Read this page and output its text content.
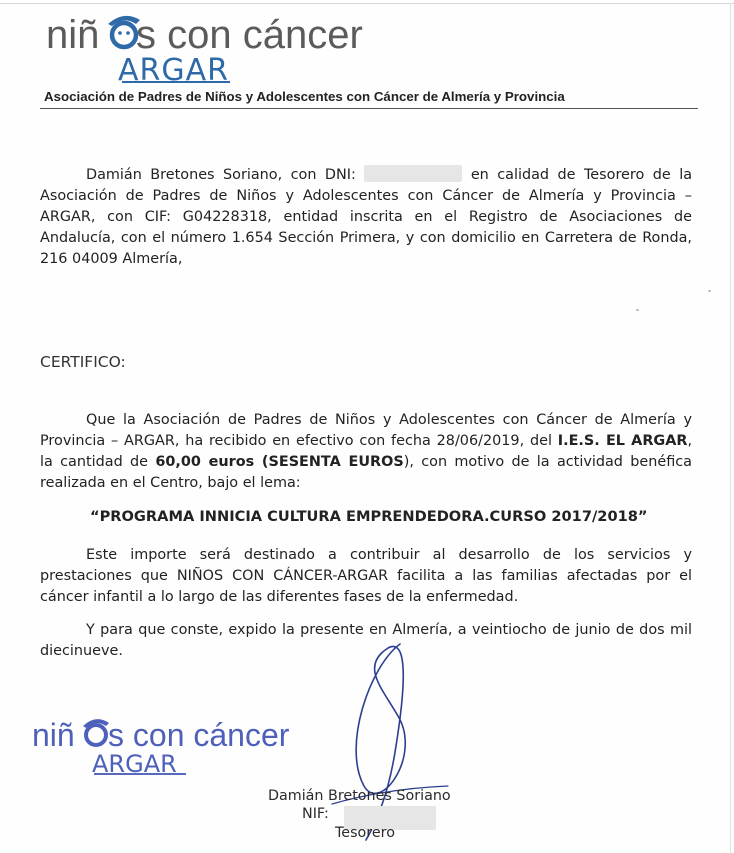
niñ s con cáncer
ARGAR
Asociación de Padres de Niños y Adolescentes con Cáncer de Almería y Provincia
Damián Bretones Soriano, con DNI:	en calidad de Tesorero de la Asociación de Padres de Niños y Adolescentes con Cáncer de Almería y Provincia – ARGAR, con CIF: G04228318, entidad inscrita en el Registro de Asociaciones de Andalucía, con el número 1.654 Sección Primera, y con domicilio en Carretera de Ronda, 216 04009 Almería,
CERTIFICO:
Que la Asociación de Padres de Niños y Adolescentes con Cáncer de Almería y Provincia – ARGAR, ha recibido en efectivo con fecha 28/06/2019, del I.E.S. EL ARGAR, la cantidad de 60,00 euros (SESENTA EUROS), con motivo de la actividad benéfica realizada en el Centro, bajo el lema:
“PROGRAMA INNICIA CULTURA EMPRENDEDORA.CURSO 2017/2018”
Este importe será destinado a contribuir al desarrollo de los servicios y prestaciones que NIÑOS CON CÁNCER-ARGAR facilita a las familias afectadas por el cáncer infantil a lo largo de las diferentes fases de la enfermedad.
Y para que conste, expido la presente en Almería, a veintiocho de junio de dos mil diecinueve.
niñ s con cáncer
ARGAR
Damián Bretones Soriano
NIF:
Tesorero
